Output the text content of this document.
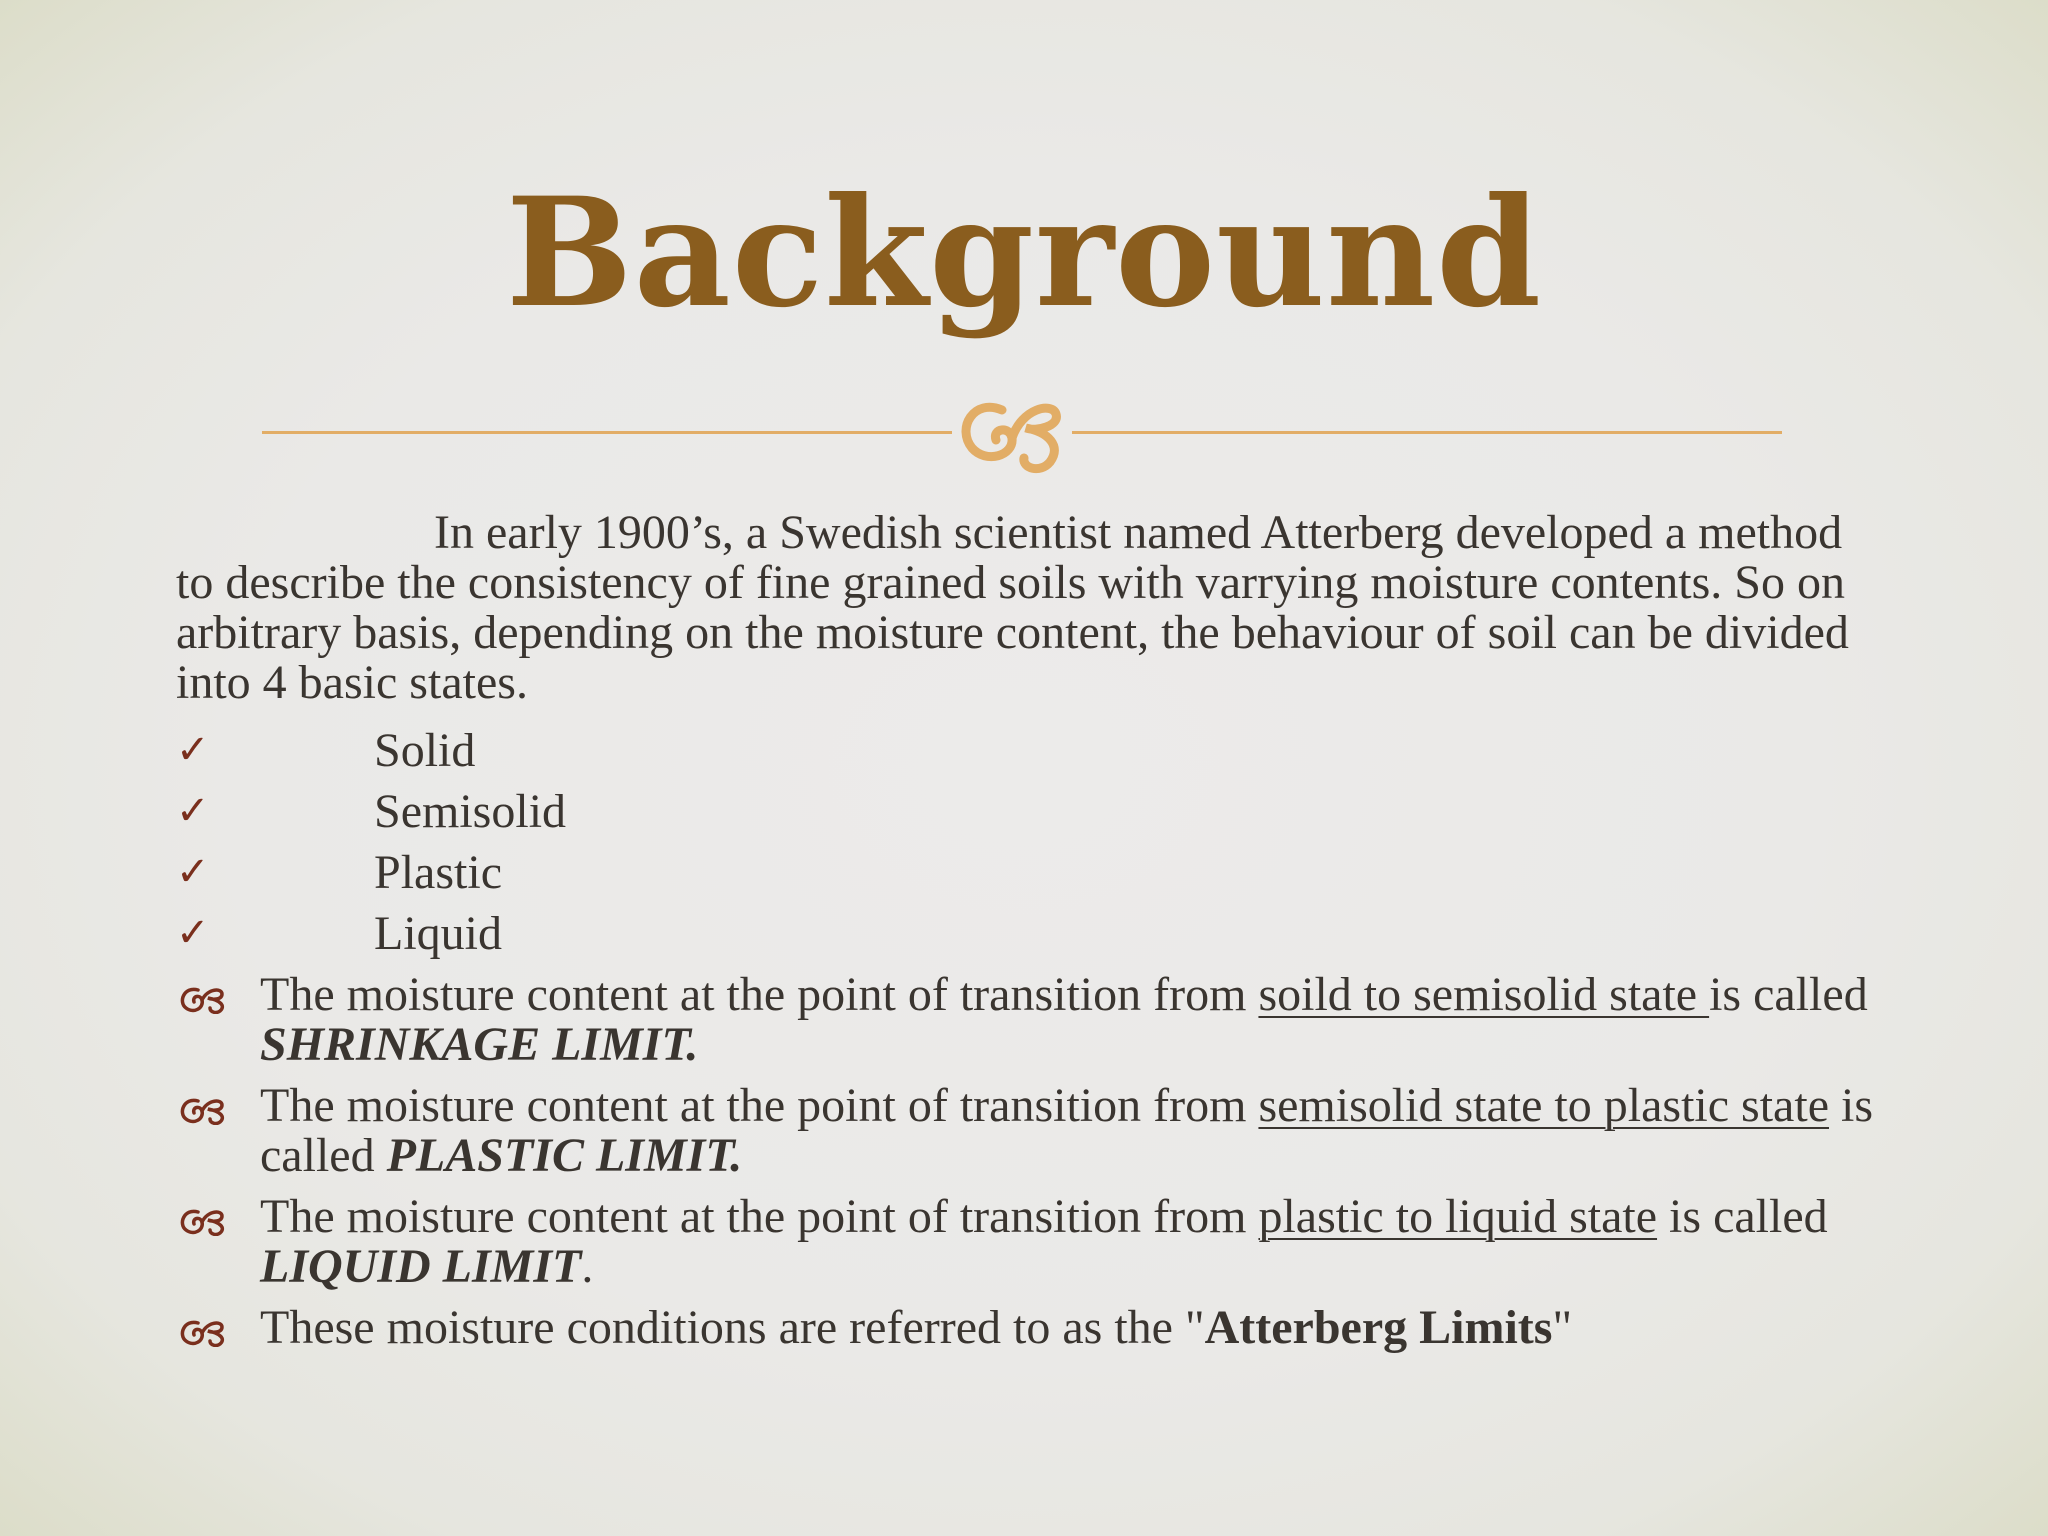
Background

In early 1900’s, a Swedish scientist named Atterberg developed a method to describe the consistency of fine grained soils with varrying moisture contents. So on arbitrary basis, depending on the moisture content, the behaviour of soil can be divided into 4 basic states.

✓	Solid
✓	Semisolid
✓	Plastic
✓	Liquid
The moisture content at the point of transition from soild to semisolid state is called SHRINKAGE LIMIT.
The moisture content at the point of transition from semisolid state to plastic state is called PLASTIC LIMIT.
The moisture content at the point of transition from plastic to liquid state is called LIQUID LIMIT.
These moisture conditions are referred to as the "Atterberg Limits"
